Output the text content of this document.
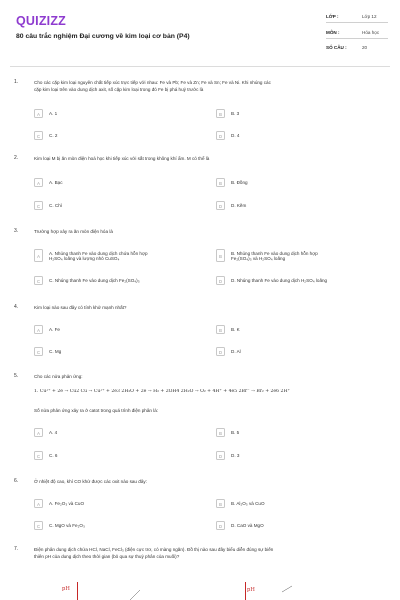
QUIZIZZ
80 câu trắc nghiệm Đại cương về kim loại cơ bản (P4)
LỚP :	Lớp 12
MÔN :	Hóa học
SỐ CÂU :	20
1.	Cho các cặp kim loại nguyên chất tiếp xúc trực tiếp với nhau: Fe và Pb; Fe và Zn; Fe và Sn; Fe và Ni. Khi nhúng các
cặp kim loại trên vào dung dịch axit, số cặp kim loại trong đó Fe bị phá huỷ trước là
A	A. 1	B	B. 3
C	C. 2	D	D. 4
2.	Kim loại M bị ăn mòn điện hoá học khi tiếp xúc với sắt trong không khí ẩm. M có thể là
A	A. Bạc	B	B. Đồng
C	C. Chì	D	D. Kẽm
3.	Trường hợp xảy ra ăn mòn điện hóa là
A
A. Nhúng thanh Fe vào dung dịch chứa hỗn hợp
H₂SO₄ loãng và lượng nhỏ CuSO₄	B
B. Nhúng thanh Fe vào dung dịch hỗn hợp
Fe₂(SO₄)₃ và H₂SO₄ loãng
C	C. Nhúng thanh Fe vào dung dịch Fe₂(SO₄)₃	D	D. Nhúng thanh Fe vào dung dịch H₂SO₄ loãng
4.	Kim loại nào sau đây có tính khử mạnh nhất?
A	A. Fe	B	B. K
C	C. Mg	D	D. Al
5.	Cho các nửa phản ứng:
1. Cu²⁺ + 2e → Cu2 Cu → Cu²⁺ + 2e3 2H₂O + 2e → H₂ + 2OH4 2H₂O → O₂ + 4H⁺ + 4e5 2Br⁻ → Br₂ + 2e6 2H⁺
Số nửa phản ứng xảy ra ở catot trong quá trình điện phân là:
A	A. 4	B	B. 5
C	C. 6	D	D. 3
6.	Ở nhiệt độ cao, khí CO khử được các oxit nào sau đây:
A	A. Fe₂O₃ và CuO	B	B. Al₂O₃ và CuO
C	C. MgO và Fe₂O₃	D	D. CaO và MgO
7.	Điện phân dung dịch chứa HCl, NaCl, FeCl₃ (điện cực trơ, có màng ngăn). Đồ thị nào sau đây biểu diễn đúng sự biến
thiên pH của dung dịch theo thời gian (bỏ qua sự thuỷ phân của muối)?
pH	pH
